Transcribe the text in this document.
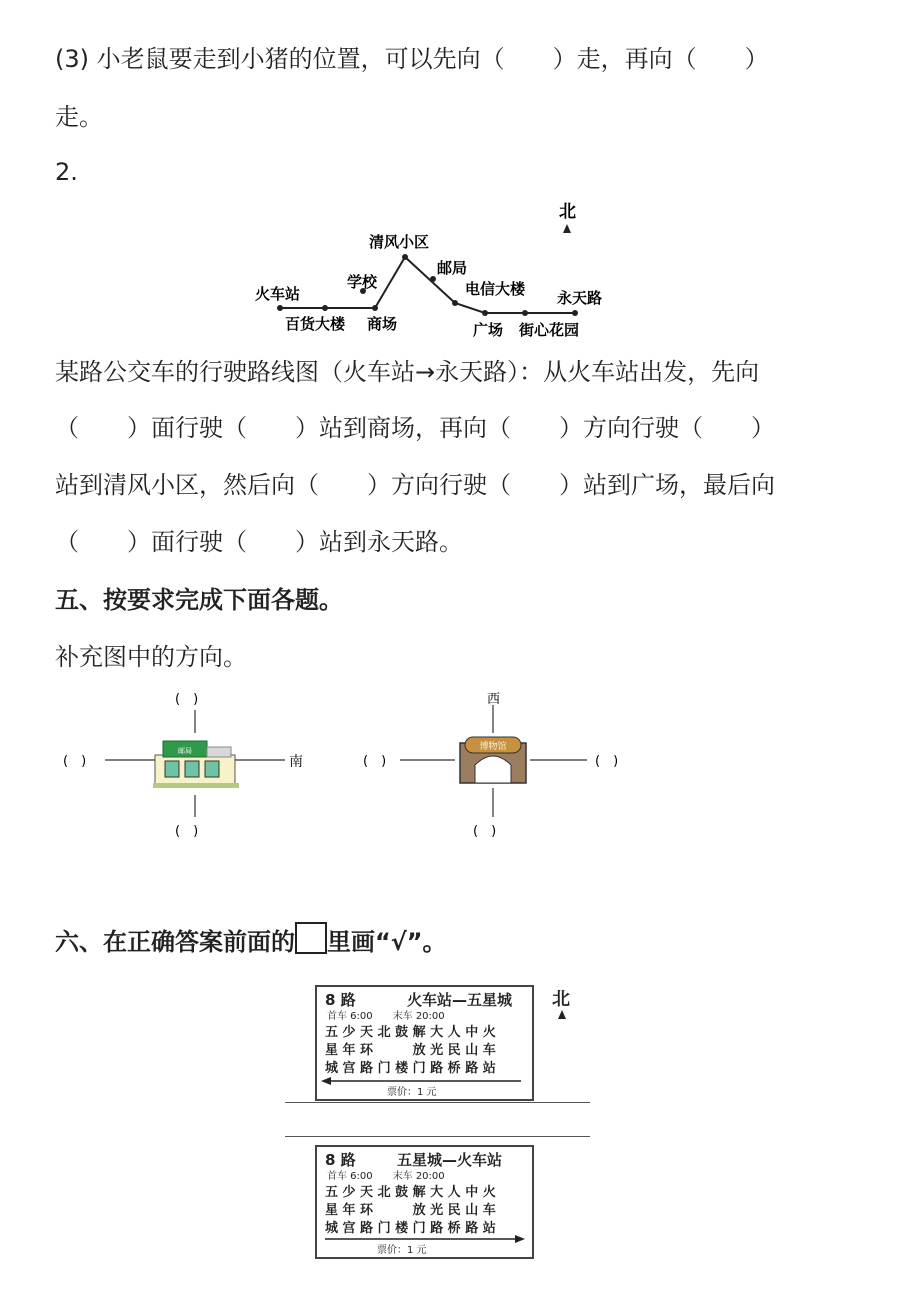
(3) 小老鼠要走到小猪的位置，可以先向（　　）走，再向（　　）
走。
2.
北
火车站
百货大楼
学校
商场
清风小区
邮局
电信大楼
广场 街心花园
永天路
某路公交车的行驶路线图（火车站→永天路）：从火车站出发，先向
（　　）面行驶（　　）站到商场，再向（　　）方向行驶（　　）
站到清风小区，然后向（　　）方向行驶（　　）站到广场，最后向
（　　）面行驶（　　）站到永天路。
五、按要求完成下面各题。
补充图中的方向。
邮局
(　)
(　)	南
(　)
博物馆
西
(　)	(　)
(　)
六、在正确答案前面的 里画“√”。
北
8 路	火车站—五星城
首车 6:00　　末车 20:00
五 少 天 北 鼓 解 大 人 中 火
星 年 环 　 　 放 光 民 山 车
城 宫 路 门 楼 门 路 桥 路 站
票价：1 元
8 路	五星城—火车站
首车 6:00　　末车 20:00
五 少 天 北 鼓 解 大 人 中 火
星 年 环 　 　 放 光 民 山 车
城 宫 路 门 楼 门 路 桥 路 站
票价：1 元
